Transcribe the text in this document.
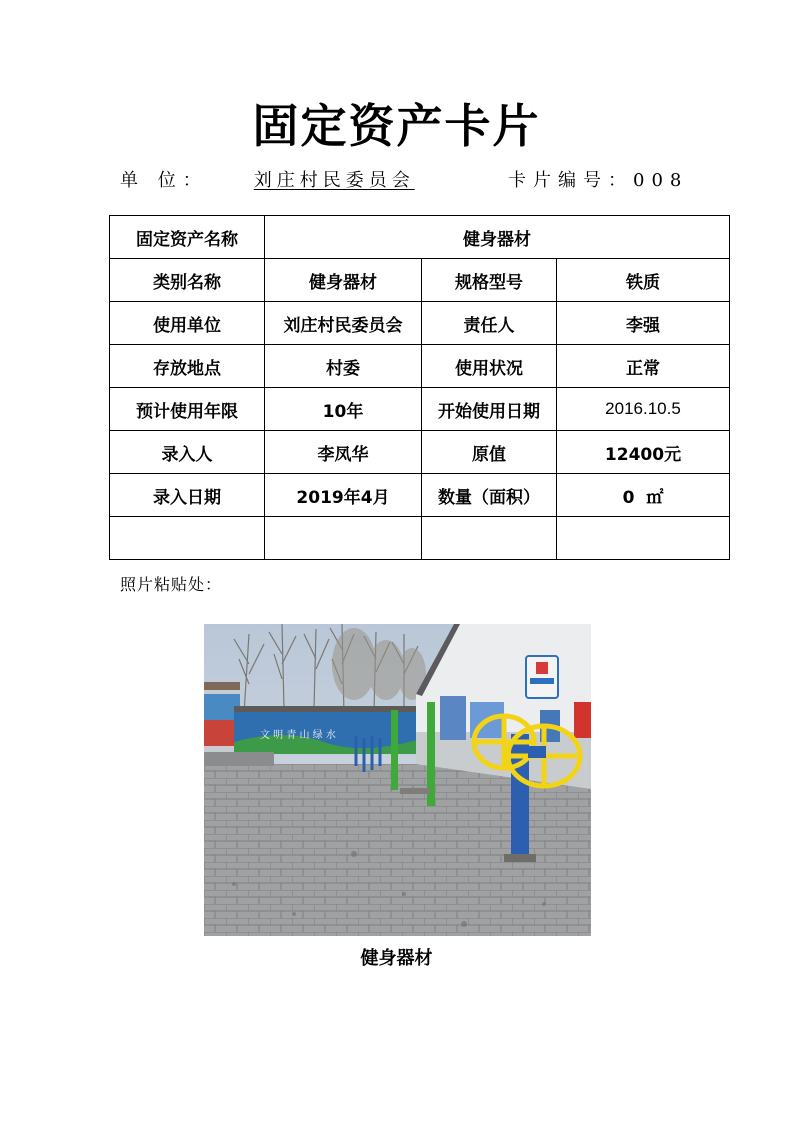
固定资产卡片
单 位：	刘庄村民委员会	卡片编号：008
固定资产名称	健身器材		
类别名称	健身器材	规格型号	铁质
使用单位	刘庄村民委员会	责任人	李强
存放地点	村委	使用状况	正常
预计使用年限	10年	开始使用日期	2016.10.5
录入人	李凤华	原值	12400元
录入日期	2019年4月	数量（面积）	0  ㎡

照片粘贴处：
文 明 青 山 绿 水
健身器材
